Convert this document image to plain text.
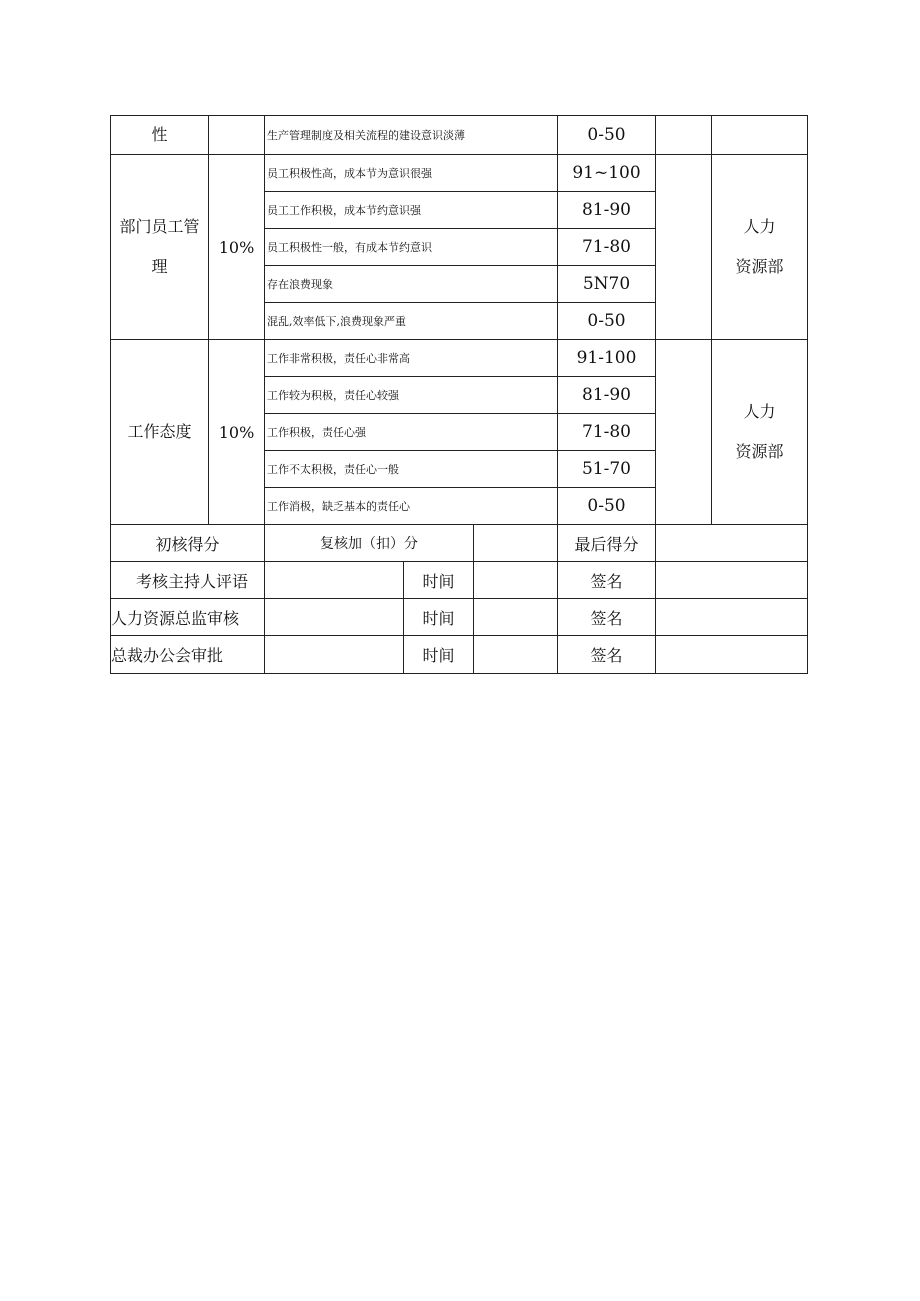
性		生产管理制度及相关流程的建设意识淡薄			0-50		
部门员工管
理	10%	员工积极性高，成本节为意识很强			91~100		人力
资源部
		员工工作积极，成本节约意识强			81-90		
		员工积极性一般，有成本节约意识			71-80		
		存在浪费现象			5N70		
		混乱,效率低下,浪费现象严重			0-50		
工作态度	10%	工作非常积极，责任心非常高			91-100		人力
资源部
		工作较为积极，责任心较强			81-90		
		工作积极，责任心强			71-80		
		工作不太积极，责任心一般			51-70		
		工作消极，缺乏基本的责任心			0-50		
初核得分		复核加（扣）分			最后得分		
考核主持人评语			时间		签名		
人力资源总监审核			时间		签名		
总裁办公会审批			时间		签名		
